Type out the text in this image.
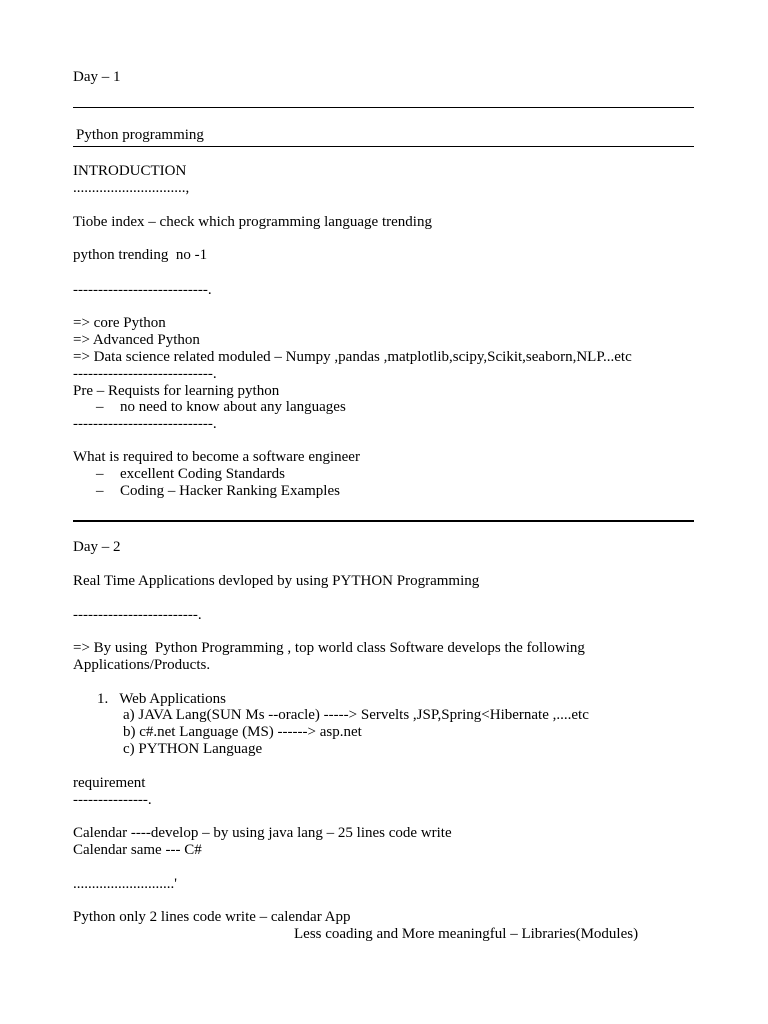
Day – 1
Python programming
INTRODUCTION
..............................,
Tiobe index – check which programming language trending
python trending  no -1
---------------------------.
=> core Python
=> Advanced Python
=> Data science related moduled – Numpy ,pandas ,matplotlib,scipy,Scikit,seaborn,NLP...etc
----------------------------.
Pre – Requists for learning python
– no need to know about any languages
----------------------------.
What is required to become a software engineer
– excellent Coding Standards
– Coding – Hacker Ranking Examples
Day – 2
Real Time Applications devloped by using PYTHON Programming
-------------------------.
=> By using  Python Programming , top world class Software develops the following
Applications/Products.
1.   Web Applications
a) JAVA Lang(SUN Ms --oracle) -----> Servelts ,JSP,Spring<Hibernate ,....etc
b) c#.net Language (MS) ------> asp.net
c) PYTHON Language
requirement
---------------.
Calendar ----develop – by using java lang – 25 lines code write
Calendar same --- C#
...........................'
Python only 2 lines code write – calendar App
Less coading and More meaningful – Libraries(Modules)
